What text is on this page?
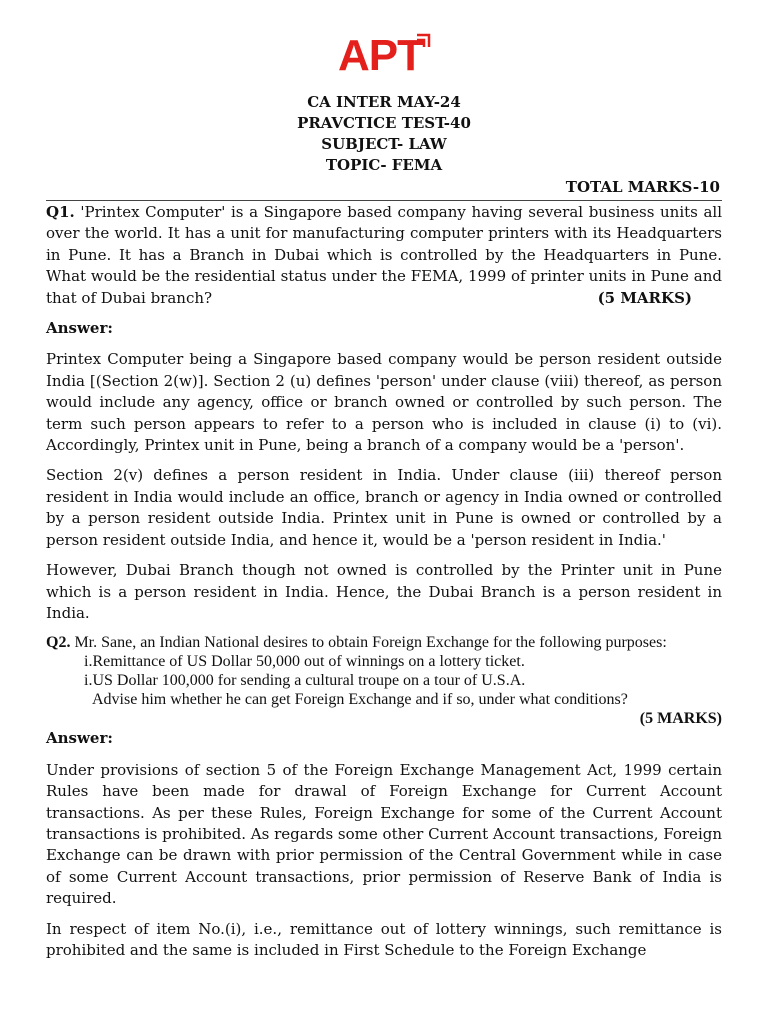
APT
CA INTER MAY-24
PRAVCTICE TEST-40
SUBJECT- LAW
TOPIC- FEMA
TOTAL MARKS-10

Q1. 'Printex Computer' is a Singapore based company having several business units all over the world. It has a unit for manufacturing computer printers with its Headquarters in Pune. It has a Branch in Dubai which is controlled by the Headquarters in Pune. What would be the residential status under the FEMA, 1999 of printer units in Pune and that of Dubai branch?	(5 MARKS)

Answer:

Printex Computer being a Singapore based company would be person resident outside India [(Section 2(w)]. Section 2 (u) defines 'person' under clause (viii) thereof, as person would include any agency, office or branch owned or controlled by such person. The term such person appears to refer to a person who is included in clause (i) to (vi). Accordingly, Printex unit in Pune, being a branch of a company would be a 'person'.

Section 2(v) defines a person resident in India. Under clause (iii) thereof person resident in India would include an office, branch or agency in India owned or controlled by a person resident outside India. Printex unit in Pune is owned or controlled by a person resident outside India, and hence it, would be a 'person resident in India.'

However, Dubai Branch though not owned is controlled by the Printer unit in Pune which is a person resident in India. Hence, the Dubai Branch is a person resident in India.

Q2. Mr. Sane, an Indian National desires to obtain Foreign Exchange for the following purposes:

i.Remittance of US Dollar 50,000 out of winnings on a lottery ticket.

i.US Dollar 100,000 for sending a cultural troupe on a tour of U.S.A.

Advise him whether he can get Foreign Exchange and if so, under what conditions?

(5 MARKS)

Answer:

Under provisions of section 5 of the Foreign Exchange Management Act, 1999 certain Rules have been made for drawal of Foreign Exchange for Current Account transactions. As per these Rules, Foreign Exchange for some of the Current Account transactions is prohibited. As regards some other Current Account transactions, Foreign Exchange can be drawn with prior permission of the Central Government while in case of some Current Account transactions, prior permission of Reserve Bank of India is required.

In respect of item No.(i), i.e., remittance out of lottery winnings, such remittance is prohibited and the same is included in First Schedule to the Foreign Exchange
